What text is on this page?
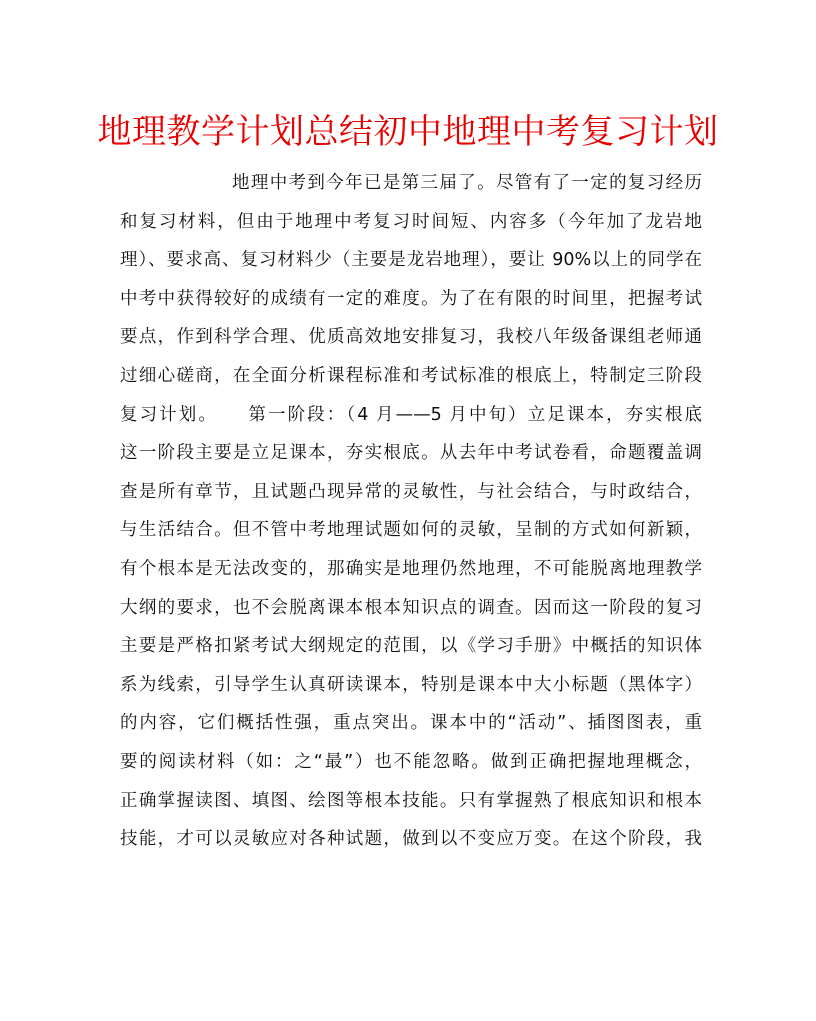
地理教学计划总结初中地理中考复习计划
地理中考到今年已是第三届了。尽管有了一定的复习经历
和复习材料，但由于地理中考复习时间短、内容多（今年加了龙岩地
理）、要求高、复习材料少（主要是龙岩地理），要让 90%以上的同学在
中考中获得较好的成绩有一定的难度。为了在有限的时间里，把握考试
要点，作到科学合理、优质高效地安排复习，我校八年级备课组老师通
过细心磋商，在全面分析课程标准和考试标准的根底上，特制定三阶段
复习计划。　　第一阶段：（4 月——5 月中旬）立足课本，夯实根底
这一阶段主要是立足课本，夯实根底。从去年中考试卷看，命题覆盖调
查是所有章节，且试题凸现异常的灵敏性，与社会结合，与时政结合，
与生活结合。但不管中考地理试题如何的灵敏，呈制的方式如何新颖，
有个根本是无法改变的，那确实是地理仍然地理，不可能脱离地理教学
大纲的要求，也不会脱离课本根本知识点的调查。因而这一阶段的复习
主要是严格扣紧考试大纲规定的范围，以《学习手册》中概括的知识体
系为线索，引导学生认真研读课本，特别是课本中大小标题（黑体字）
的内容，它们概括性强，重点突出。课本中的“活动”、插图图表，重
要的阅读材料（如：之“最”）也不能忽略。做到正确把握地理概念，
正确掌握读图、填图、绘图等根本技能。只有掌握熟了根底知识和根本
技能，才可以灵敏应对各种试题，做到以不变应万变。在这个阶段，我
